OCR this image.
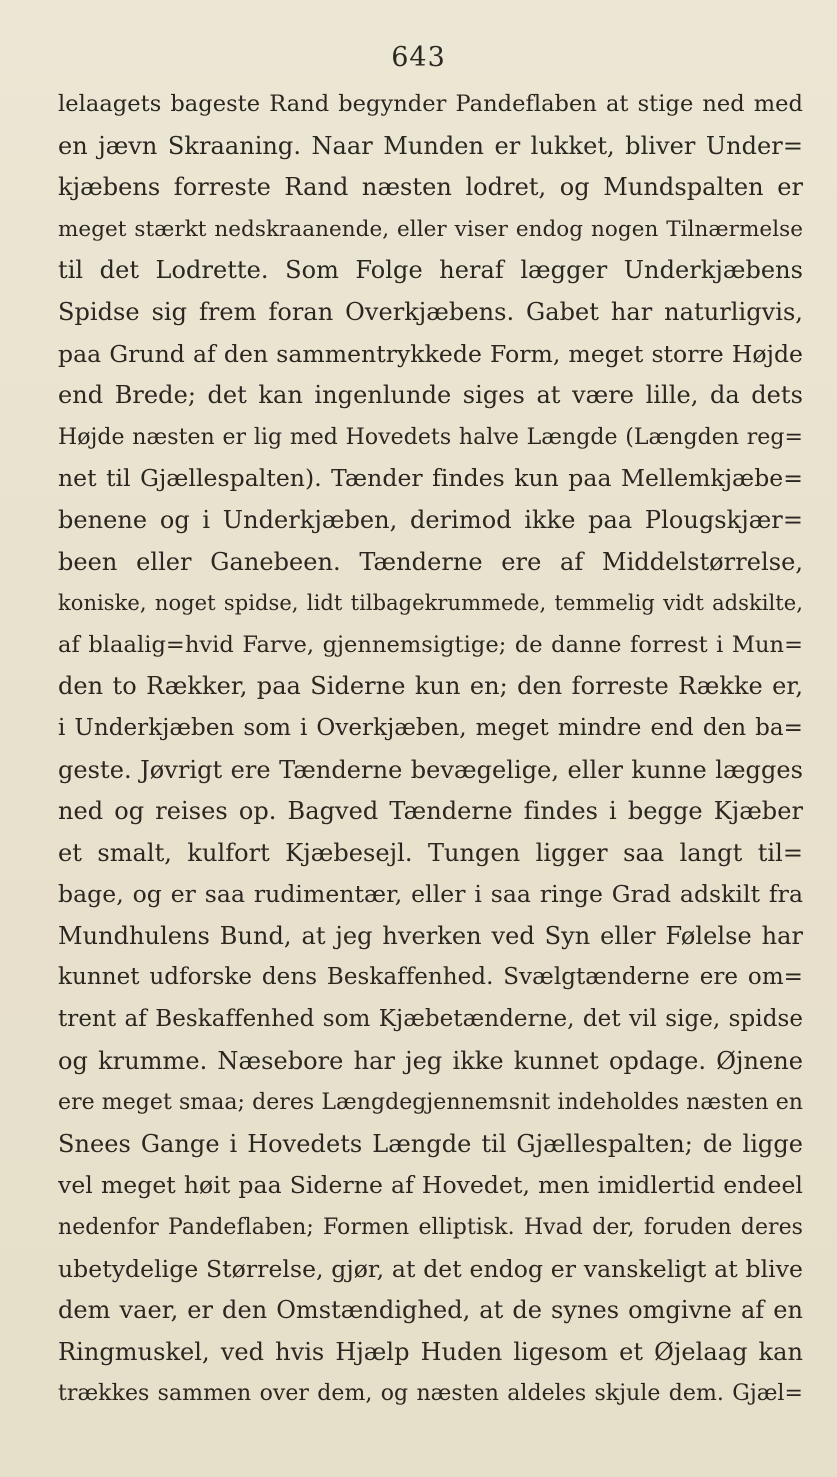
643
lelaagets bageste Rand begynder Pandeflaben at stige ned med
en jævn Skraaning. Naar Munden er lukket, bliver Under=
kjæbens forreste Rand næsten lodret, og Mundspalten er
meget stærkt nedskraanende, eller viser endog nogen Tilnærmelse
til det Lodrette. Som Folge heraf lægger Underkjæbens
Spidse sig frem foran Overkjæbens. Gabet har naturligvis,
paa Grund af den sammentrykkede Form, meget storre Højde
end Brede; det kan ingenlunde siges at være lille, da dets
Højde næsten er lig med Hovedets halve Længde (Længden reg=
net til Gjællespalten). Tænder findes kun paa Mellemkjæbe=
benene og i Underkjæben, derimod ikke paa Plougskjær=
been eller Ganebeen. Tænderne ere af Middelstørrelse,
koniske, noget spidse, lidt tilbagekrummede, temmelig vidt adskilte,
af blaalig=hvid Farve, gjennemsigtige; de danne forrest i Mun=
den to Rækker, paa Siderne kun en; den forreste Række er,
i Underkjæben som i Overkjæben, meget mindre end den ba=
geste. Jøvrigt ere Tænderne bevægelige, eller kunne lægges
ned og reises op. Bagved Tænderne findes i begge Kjæber
et smalt, kulfort Kjæbesejl. Tungen ligger saa langt til=
bage, og er saa rudimentær, eller i saa ringe Grad adskilt fra
Mundhulens Bund, at jeg hverken ved Syn eller Følelse har
kunnet udforske dens Beskaffenhed. Svælgtænderne ere om=
trent af Beskaffenhed som Kjæbetænderne, det vil sige, spidse
og krumme. Næsebore har jeg ikke kunnet opdage. Øjnene
ere meget smaa; deres Længdegjennemsnit indeholdes næsten en
Snees Gange i Hovedets Længde til Gjællespalten; de ligge
vel meget høit paa Siderne af Hovedet, men imidlertid endeel
nedenfor Pandeflaben; Formen elliptisk. Hvad der, foruden deres
ubetydelige Størrelse, gjør, at det endog er vanskeligt at blive
dem vaer, er den Omstændighed, at de synes omgivne af en
Ringmuskel, ved hvis Hjælp Huden ligesom et Øjelaag kan
trækkes sammen over dem, og næsten aldeles skjule dem. Gjæl=
